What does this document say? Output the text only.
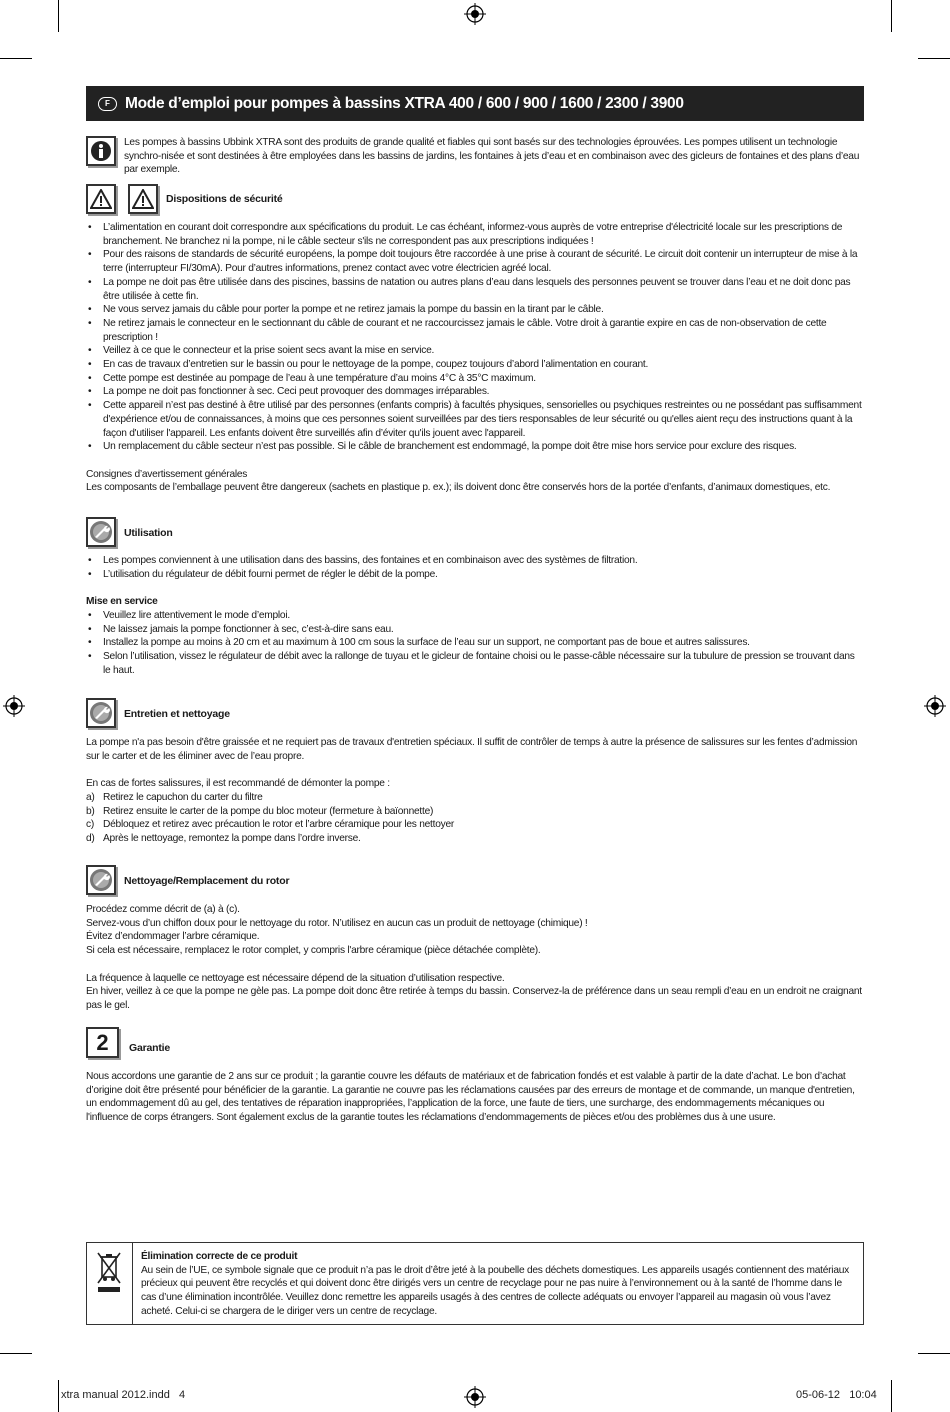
F Mode d’emploi pour pompes à bassins XTRA 400 / 600 / 900 / 1600 / 2300 / 3900

Les pompes à bassins Ubbink XTRA sont des produits de grande qualité et fiables qui sont basés sur des technologies éprouvées. Les pompes utilisent un technologie synchro-nisée et sont destinées à être employées dans les bassins de jardins, les fontaines à jets d’eau et en combinaison avec des gicleurs de fontaines et des plans d’eau par exemple.

Dispositions de sécurité
• L’alimentation en courant doit correspondre aux spécifications du produit. Le cas échéant, informez-vous auprès de votre entreprise d'électricité locale sur les prescriptions de branchement. Ne branchez ni la pompe, ni le câble secteur s'ils ne correspondent pas aux prescriptions indiquées !
• Pour des raisons de standards de sécurité européens, la pompe doit toujours être raccordée à une prise à courant de sécurité. Le circuit doit contenir un interrupteur de mise à la terre (interrupteur FI/30mA). Pour d’autres informations, prenez contact avec votre électricien agréé local.
• La pompe ne doit pas être utilisée dans des piscines, bassins de natation ou autres plans d’eau dans lesquels des personnes peuvent se trouver dans l’eau et ne doit donc pas être utilisée à cette fin.
• Ne vous servez jamais du câble pour porter la pompe et ne retirez jamais la pompe du bassin en la tirant par le câble.
• Ne retirez jamais le connecteur en le sectionnant du câble de courant et ne raccourcissez jamais le câble. Votre droit à garantie expire en cas de non-observation de cette prescription !
• Veillez à ce que le connecteur et la prise soient secs avant la mise en service.
• En cas de travaux d’entretien sur le bassin ou pour le nettoyage de la pompe, coupez toujours d’abord l’alimentation en courant.
• Cette pompe est destinée au pompage de l’eau à une température d’au moins 4°C à 35°C maximum.
• La pompe ne doit pas fonctionner à sec. Ceci peut provoquer des dommages irréparables.
• Cette appareil n’est pas destiné à être utilisé par des personnes (enfants compris) à facultés physiques, sensorielles ou psychiques restreintes ou ne possédant pas suffisamment d'expérience et/ou de connaissances, à moins que ces personnes soient surveillées par des tiers responsables de leur sécurité ou qu'elles aient reçu des instructions quant à la façon d'utiliser l'appareil. Les enfants doivent être surveillés afin d’éviter qu'ils jouent avec l'appareil.
• Un remplacement du câble secteur n’est pas possible. Si le câble de branchement est endommagé, la pompe doit être mise hors service pour exclure des risques.

Consignes d’avertissement générales

Les composants de l’emballage peuvent être dangereux (sachets en plastique p. ex.); ils doivent donc être conservés hors de la portée d’enfants, d’animaux domestiques, etc.

Utilisation
• Les pompes conviennent à une utilisation dans des bassins, des fontaines et en combinaison avec des systèmes de filtration.
• L’utilisation du régulateur de débit fourni permet de régler le débit de la pompe.

Mise en service

• Veuillez lire attentivement le mode d’emploi.
• Ne laissez jamais la pompe fonctionner à sec, c’est-à-dire sans eau.
• Installez la pompe au moins à 20 cm et au maximum à 100 cm sous la surface de l’eau sur un support, ne comportant pas de boue et autres salissures.
• Selon l’utilisation, vissez le régulateur de débit avec la rallonge de tuyau et le gicleur de fontaine choisi ou le passe-câble nécessaire sur la tubulure de pression se trouvant dans le haut.
Entretien et nettoyage

La pompe n'a pas besoin d'être graissée et ne requiert pas de travaux d'entretien spéciaux. Il suffit de contrôler de temps à autre la présence de salissures sur les fentes d’admission sur le carter et de les éliminer avec de l’eau propre.

En cas de fortes salissures, il est recommandé de démonter la pompe :

a) Retirez le capuchon du carter du filtre
b) Retirez ensuite le carter de la pompe du bloc moteur (fermeture à baïonnette)
c) Débloquez et retirez avec précaution le rotor et l’arbre céramique pour les nettoyer
d) Après le nettoyage, remontez la pompe dans l’ordre inverse.
Nettoyage/Remplacement du rotor

Procédez comme décrit de (a) à (c).

Servez-vous d’un chiffon doux pour le nettoyage du rotor. N’utilisez en aucun cas un produit de nettoyage (chimique) !

Évitez d’endommager l’arbre céramique.

Si cela est nécessaire, remplacez le rotor complet, y compris l'arbre céramique (pièce détachée complète).

La fréquence à laquelle ce nettoyage est nécessaire dépend de la situation d’utilisation respective.

En hiver, veillez à ce que la pompe ne gèle pas. La pompe doit donc être retirée à temps du bassin. Conservez-la de préférence dans un seau rempli d’eau en un endroit ne craignant pas le gel.

2 Garantie

Nous accordons une garantie de 2 ans sur ce produit ; la garantie couvre les défauts de matériaux et de fabrication fondés et est valable à partir de la date d’achat. Le bon d’achat d’origine doit être présenté pour bénéficier de la garantie. La garantie ne couvre pas les réclamations causées par des erreurs de montage et de commande, un manque d'entretien, un endommagement dû au gel, des tentatives de réparation inappropriées, l’application de la force, une faute de tiers, une surcharge, des endommagements mécaniques ou l'influence de corps étrangers. Sont également exclus de la garantie toutes les réclamations d’endommagements de pièces et/ou des problèmes dus à une usure.

Élimination correcte de ce produit

Au sein de l’UE, ce symbole signale que ce produit n’a pas le droit d’être jeté à la poubelle des déchets domestiques. Les appareils usagés contiennent des matériaux précieux qui peuvent être recyclés et qui doivent donc être dirigés vers un centre de recyclage pour ne pas nuire à l’environnement ou à la santé de l’homme dans le cas d’une élimination incontrôlée. Veuillez donc remettre les appareils usagés à des centres de collecte adéquats ou envoyer l’appareil au magasin où vous l’avez acheté. Celui-ci se chargera de le diriger vers un centre de recyclage.

xtra manual 2012.indd   4	05-06-12   10:04
